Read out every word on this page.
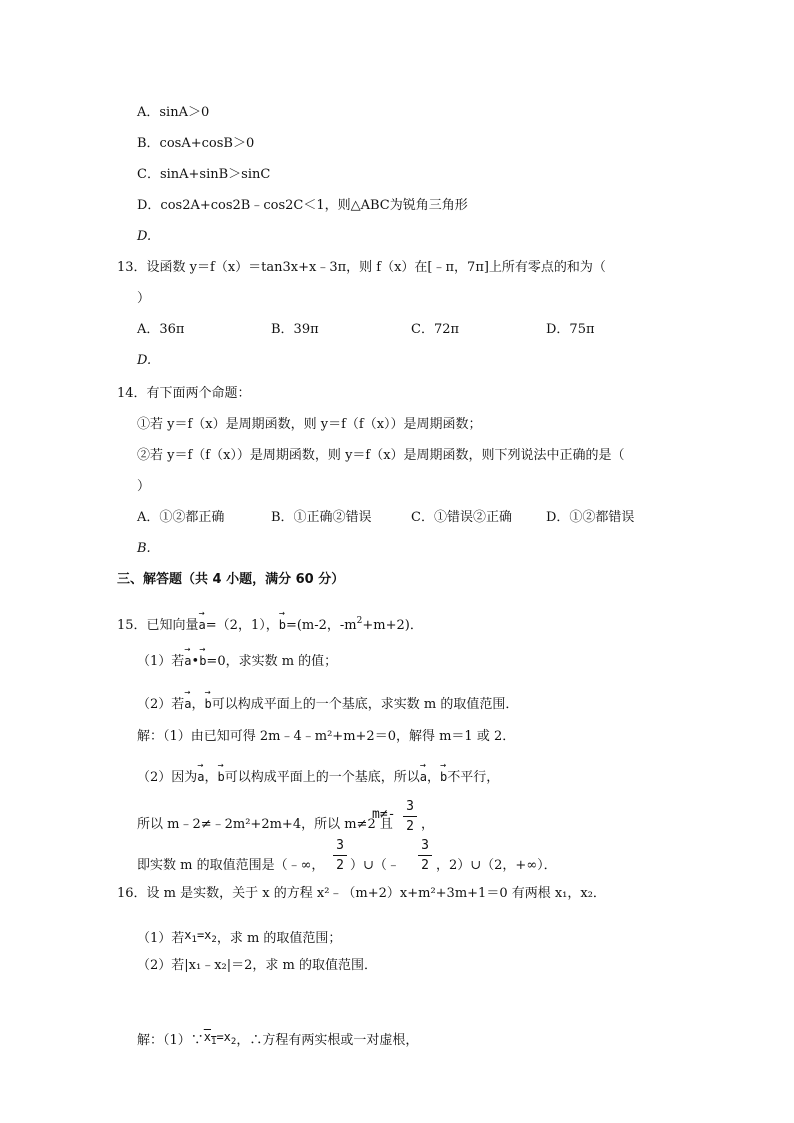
A．sinA＞0
B．cosA+cosB＞0
C．sinA+sinB＞sinC
D．cos2A+cos2B﹣cos2C＜1，则△ABC为锐角三角形
D.
13．设函数 y＝f（x）＝tan3x+x﹣3π，则 f（x）在[﹣π，7π]上所有零点的和为（
）
A．36π	B．39π	C．72π	D．75π
D.
14．有下面两个命题：
①若 y＝f（x）是周期函数，则 y＝f（f（x））是周期函数；
②若 y＝f（f（x））是周期函数，则 y＝f（x）是周期函数，则下列说法中正确的是（
）
A．①②都正确	B．①正确②错误	C．①错误②正确	D．①②都错误
B.
三、解答题（共 4 小题，满分 60 分）
15．已知向量→ a=（2，1），→ b=(m-2，$-m^2+m+2$)．
（1）若→ a•→ b=0，求实数 m 的值；
（2）若→ a，→ b可以构成平面上的一个基底，求实数 m 的取值范围．
解：（1）由已知可得 2m﹣4﹣m²+m+2＝0，解得 m＝1 或 2．
（2）因为→ a，→ b可以构成平面上的一个基底，所以→ a，→ b不平行，
所以 m﹣2≠﹣2m²+2m+4，所以 m≠2 且
m≠-
3
2 ，
即实数 m 的取值范围是（﹣∞，
3
2 ）∪（﹣
3
2 ，2）∪（2，+∞）．
16．设 m 是实数，关于 x 的方程 x²﹣（m+2）x+m²+3m+1＝0 有两根 x₁，x₂．
（1）若$x_1=x_2$，求 m 的取值范围；
（2）若|x₁﹣x₂|＝2，求 m 的取值范围．
解：$(1)\because x_1=x_2$，∴方程有两实根或一对虚根，
